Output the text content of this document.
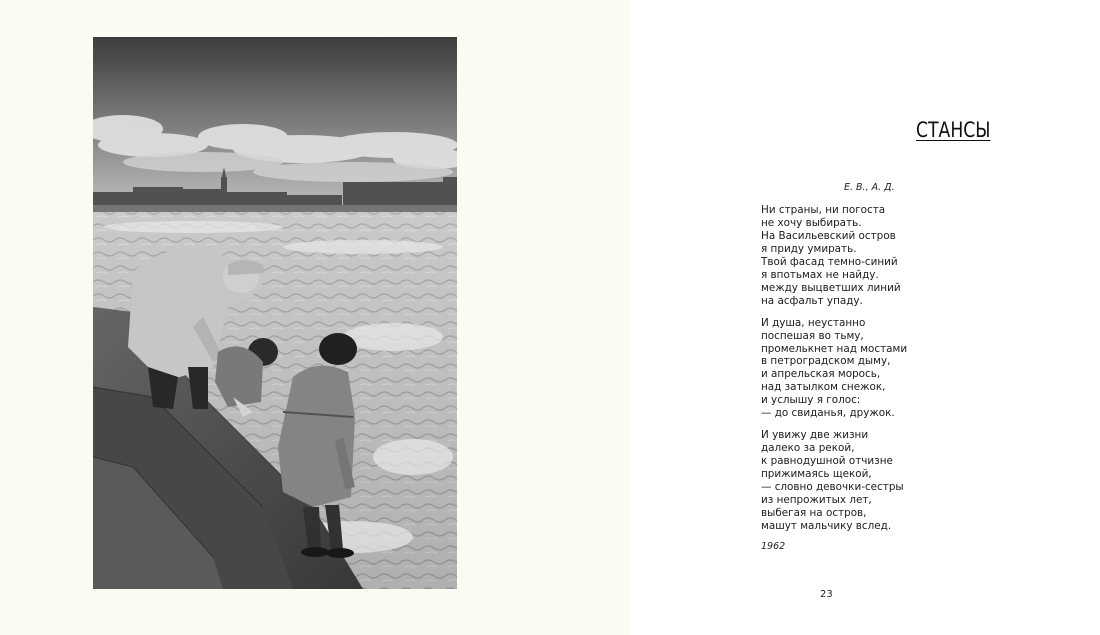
СТАНСЫ
Е. В., А. Д.
Ни страны, ни погоста
не хочу выбирать.
На Васильевский остров
я приду умирать.
Твой фасад темно-синий
я впотьмах не найду.
между выцветших линий
на асфальт упаду.
И душа, неустанно
поспешая во тьму,
промелькнет над мостами
в петроградском дыму,
и апрельская морось,
над затылком снежок,
и услышу я голос:
— до свиданья, дружок.
И увижу две жизни
далеко за рекой,
к равнодушной отчизне
прижимаясь щекой,
— словно девочки-сестры
из непрожитых лет,
выбегая на остров,
машут мальчику вслед.
1962
23
